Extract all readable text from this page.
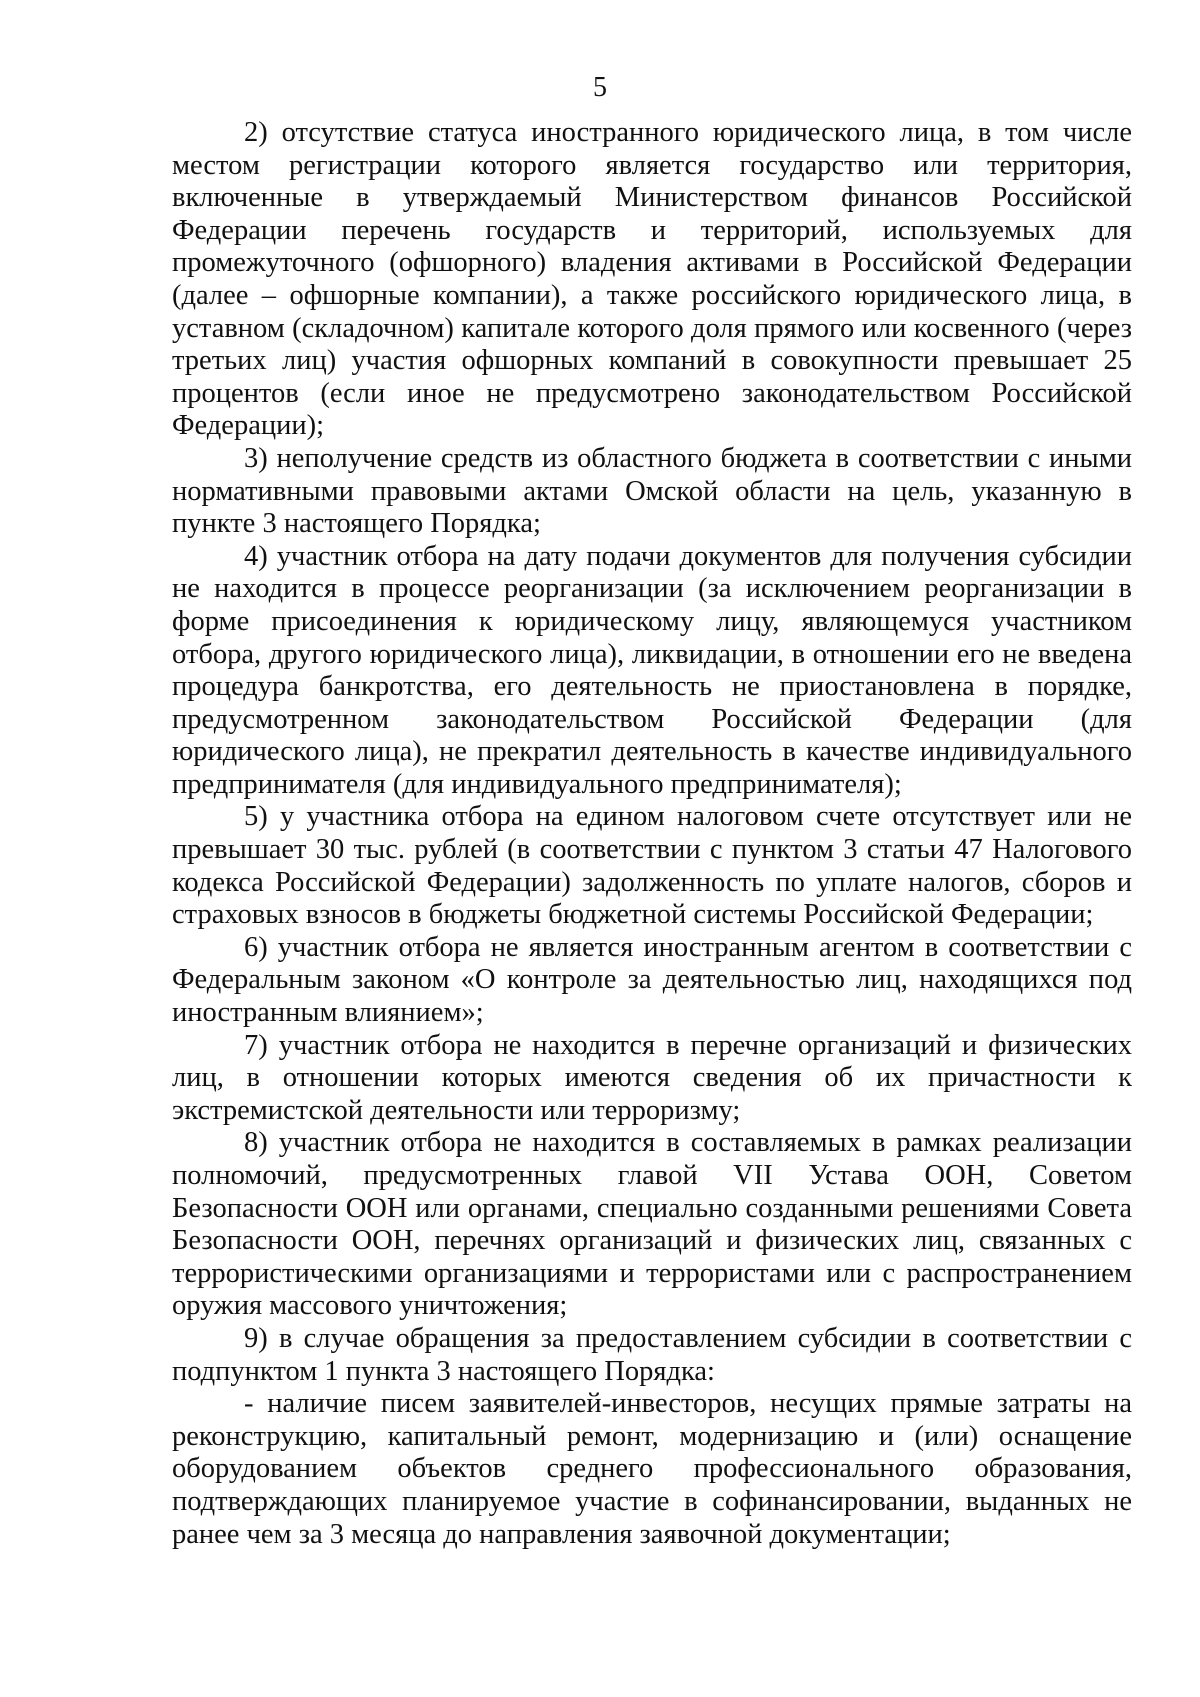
5

2) отсутствие статуса иностранного юридического лица, в том числе местом регистрации которого является государство или территория, включенные в утверждаемый Министерством финансов Российской Федерации перечень государств и территорий, используемых для промежуточного (офшорного) владения активами в Российской Федерации (далее – офшорные компании), а также российского юридического лица, в уставном (складочном) капитале которого доля прямого или косвенного (через третьих лиц) участия офшорных компаний в совокупности превышает 25 процентов (если иное не предусмотрено законодательством Российской Федерации);

3) неполучение средств из областного бюджета в соответствии с иными нормативными правовыми актами Омской области на цель, указанную в пункте 3 настоящего Порядка;

4) участник отбора на дату подачи документов для получения субсидии не находится в процессе реорганизации (за исключением реорганизации в форме присоединения к юридическому лицу, являющемуся участником отбора, другого юридического лица), ликвидации, в отношении его не введена процедура банкротства, его деятельность не приостановлена в порядке, предусмотренном законодательством Российской Федерации (для юридического лица), не прекратил деятельность в качестве индивидуального предпринимателя (для индивидуального предпринимателя);

5) у участника отбора на едином налоговом счете отсутствует или не превышает 30 тыс. рублей (в соответствии с пунктом 3 статьи 47 Налогового кодекса Российской Федерации) задолженность по уплате налогов, сборов и страховых взносов в бюджеты бюджетной системы Российской Федерации;

6) участник отбора не является иностранным агентом в соответствии с Федеральным законом «О контроле за деятельностью лиц, находящихся под иностранным влиянием»;

7) участник отбора не находится в перечне организаций и физических лиц, в отношении которых имеются сведения об их причастности к экстремистской деятельности или терроризму;

8) участник отбора не находится в составляемых в рамках реализации полномочий, предусмотренных главой VII Устава ООН, Советом Безопасности ООН или органами, специально созданными решениями Совета Безопасности ООН, перечнях организаций и физических лиц, связанных с террористическими организациями и террористами или с распространением оружия массового уничтожения;

9) в случае обращения за предоставлением субсидии в соответствии с подпунктом 1 пункта 3 настоящего Порядка:

- наличие писем заявителей-инвесторов, несущих прямые затраты на реконструкцию, капитальный ремонт, модернизацию и (или) оснащение оборудованием объектов среднего профессионального образования, подтверждающих планируемое участие в софинансировании, выданных не ранее чем за 3 месяца до направления заявочной документации;
